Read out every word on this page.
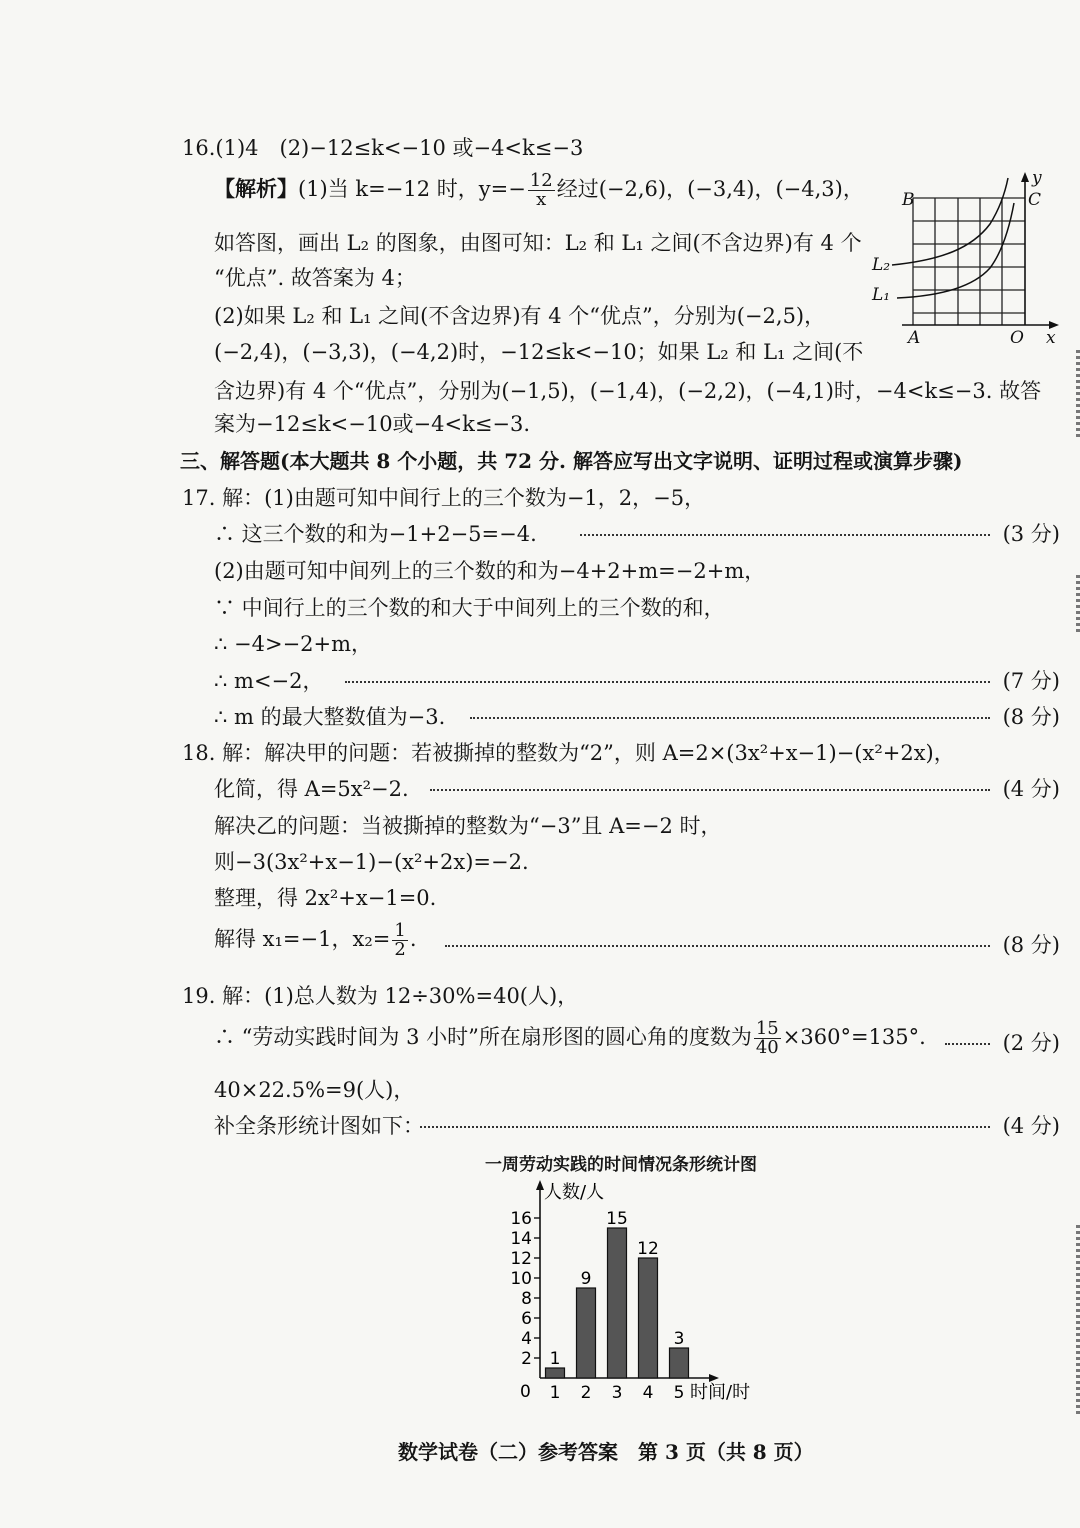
16.(1)4　(2)−12≤k<−10 或−4<k≤−3
【解析】(1)当 k=−12 时，$y=- \frac{12}{x}$ 经过(−2,6)，(−3,4)，(−4,3)，
如答图，画出 L₂ 的图象，由图可知：L₂ 和 L₁ 之间(不含边界)有 4 个
“优点”. 故答案为 4；
(2)如果 L₂ 和 L₁ 之间(不含边界)有 4 个“优点”，分别为(−2,5)，
(−2,4)，(−3,3)，(−4,2)时，−12≤k<−10；如果 L₂ 和 L₁ 之间(不
含边界)有 4 个“优点”，分别为(−1,5)，(−1,4)，(−2,2)，(−4,1)时，−4<k≤−3. 故答
案为−12≤k<−10或−4<k≤−3.
B	C
y
L₂
L₁
A	O x
三、解答题(本大题共 8 个小题，共 72 分. 解答应写出文字说明、证明过程或演算步骤)
17. 解：(1)由题可知中间行上的三个数为−1，2，−5，
∴ 这三个数的和为−1+2−5=−4.	(3 分)
(2)由题可知中间列上的三个数的和为−4+2+m=−2+m，
∵ 中间行上的三个数的和大于中间列上的三个数的和，
∴ −4>−2+m，
∴ m<−2，	(7 分)
∴ m 的最大整数值为−3.	(8 分)
18. 解：解决甲的问题：若被撕掉的整数为“2”，则 A=2×(3x²+x−1)−(x²+2x)，
化简，得 A=5x²−2.	(4 分)
解决乙的问题：当被撕掉的整数为“−3”且 A=−2 时，
则−3(3x²+x−1)−(x²+2x)=−2.
整理，得 2x²+x−1=0.
解得 x₁=−1，$x_2= \frac{1}{2}$ .	(8 分)
19. 解：(1)总人数为 12÷30%=40(人)，
∴ “劳动实践时间为 3 小时”所在扇形图的圆心角的度数为 $\frac{15}{40} \times 360^\circ=135^\circ$.	(2 分)
40×22.5%=9(人)，
补全条形统计图如下：	(4 分)
一周劳动实践的时间情况条形统计图
人数/人
时间/时
0
2
4
6
8
10
12
14
16
1
1
9
2
15
3
12
4
3
5
数学试卷（二）参考答案　第 3 页（共 8 页）
